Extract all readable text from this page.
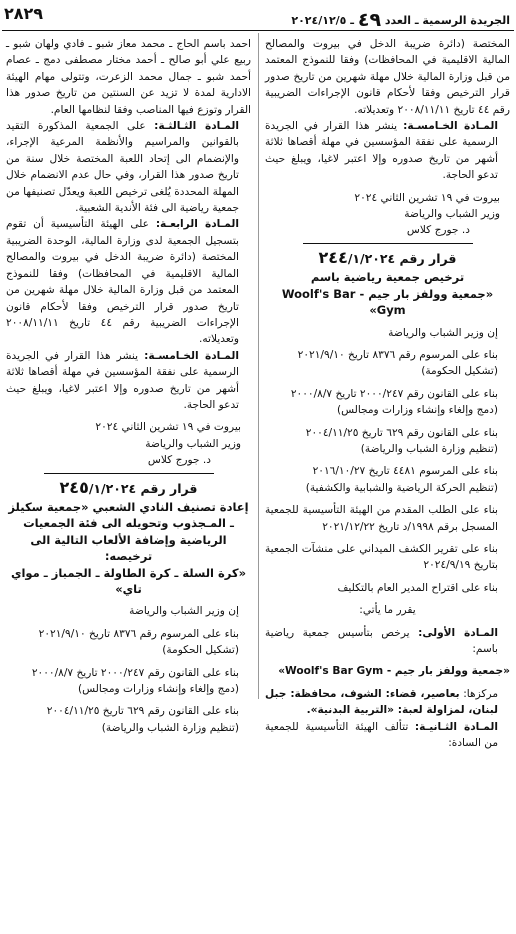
الجريدة الرسمية ـ العدد ٤٩ ـ ٢٠٢٤/١٢/٥
٢٨٢٩

المختصة (دائرة ضريبة الدخل في بيروت والمصالح المالية الاقليمية في المحافظات) وفقا للنموذج المعتمد من قبل وزارة المالية خلال مهلة شهرين من تاريخ صدور قرار الترخيص وفقا لأحكام قانون الإجراءات الضريبية رقم ٤٤ تاريخ ٢٠٠٨/١١/١١ وتعديلاته.

المـادة الخـامسـة: ينشر هذا القرار في الجريدة الرسمية على نفقة المؤسسين في مهلة أقصاها ثلاثة أشهر من تاريخ صدوره وإلا اعتبر لاغيا، ويبلغ حيث تدعو الحاجة.

بيروت في ١٩ تشرين الثاني ٢٠٢٤

وزير الشباب والرياضة

د. جورج كلاس

قرار رقم ٢٤٤/١/٢٠٢٤
ترخيص جمعية رياضية باسم
«جمعية وولفز بار جيم - Woolf's Bar Gym»

إن وزير الشباب والرياضة

بناء على المرسوم رقم ٨٣٧٦ تاريخ ٢٠٢١/٩/١٠

(تشكيل الحكومة)

بناء على القانون رقم ٢٠٠٠/٢٤٧ تاريخ ٢٠٠٠/٨/٧

(دمج وإلغاء وإنشاء وزارات ومجالس)

بناء على القانون رقم ٦٢٩ تاريخ ٢٠٠٤/١١/٢٥

(تنظيم وزارة الشباب والرياضة)

بناء على المرسوم ٤٤٨١ تاريخ ٢٠١٦/١٠/٢٧

(تنظيم الحركة الرياضية والشبابية والكشفية)

بناء على الطلب المقدم من الهيئة التأسيسية للجمعية المسجل برقم ١٩٩٨/د تاريخ ٢٠٢١/١٢/٢٢

بناء على تقرير الكشف الميداني على منشآت الجمعية بتاريخ ٢٠٢٤/٩/١٩

بناء على اقتراح المدير العام بالتكليف

يقرر ما يأتي:

المـادة الأولى: يرخص بتأسيس جمعية رياضية باسم:

«جمعية وولفز بار جيم - Woolf's Bar Gym»

مركزها: بعاصير، قضاء: الشوف، محافظة: جبل لبنان، لمزاولة لعبة: «التربية البدنية».

المـادة الثـانيـة: تتألف الهيئة التأسيسية للجمعية من السادة:

احمد باسم الحاج ـ محمد معاز شبو ـ فادي ولهان شبو ـ ربيع علي أبو صالح ـ أحمد مختار مصطفى دمج ـ عصام أحمد شبو ـ جمال محمد الزعرت، وتتولى مهام الهيئة الادارية لمدة لا تزيد عن السنتين من تاريخ صدور هذا القرار وتوزع فيها المناصب وفقا لنظامها العام.

المـادة الثـالثـة: على الجمعية المذكورة التقيد بالقوانين والمراسيم والأنظمة المرعية الإجراء، والإنضمام الى إتحاد اللعبة المختصة خلال سنة من تاريخ صدور هذا القرار، وفي حال عدم الانضمام خلال المهلة المحددة يُلغى ترخيص اللعبة ويعدّل تصنيفها من جمعية رياضية الى فئة الأندية الشعبية.

المـادة الرابعـة: على الهيئة التأسيسية أن تقوم بتسجيل الجمعية لدى وزارة المالية، الوحدة الضريبية المختصة (دائرة ضريبة الدخل في بيروت والمصالح المالية الاقليمية في المحافظات) وفقا للنموذج المعتمد من قبل وزارة المالية خلال مهلة شهرين من تاريخ صدور قرار الترخيص وفقا لأحكام قانون الإجراءات الضريبية رقم ٤٤ تاريخ ٢٠٠٨/١١/١١ وتعديلاته.

المـادة الخـامسـة: ينشر هذا القرار في الجريدة الرسمية على نفقة المؤسسين في مهلة أقصاها ثلاثة أشهر من تاريخ صدوره وإلا اعتبر لاغيا، ويبلغ حيث تدعو الحاجة.

بيروت في ١٩ تشرين الثاني ٢٠٢٤

وزير الشباب والرياضة

د. جورج كلاس

قرار رقم ٢٤٥/١/٢٠٢٤
إعادة تصنيف النادي الشعبي «جمعية سكيلز ـ المـجذوب وتحويله الى فئة الجمعيات الرياضية وإضافة الألعاب التالية الى ترخيصه:
«كرة السلة ـ كرة الطاولة ـ الجمباز ـ مواي تاي»

إن وزير الشباب والرياضة

بناء على المرسوم رقم ٨٣٧٦ تاريخ ٢٠٢١/٩/١٠

(تشكيل الحكومة)

بناء على القانون رقم ٢٠٠٠/٢٤٧ تاريخ ٢٠٠٠/٨/٧

(دمج وإلغاء وإنشاء وزارات ومجالس)

بناء على القانون رقم ٦٢٩ تاريخ ٢٠٠٤/١١/٢٥

(تنظيم وزارة الشباب والرياضة)
